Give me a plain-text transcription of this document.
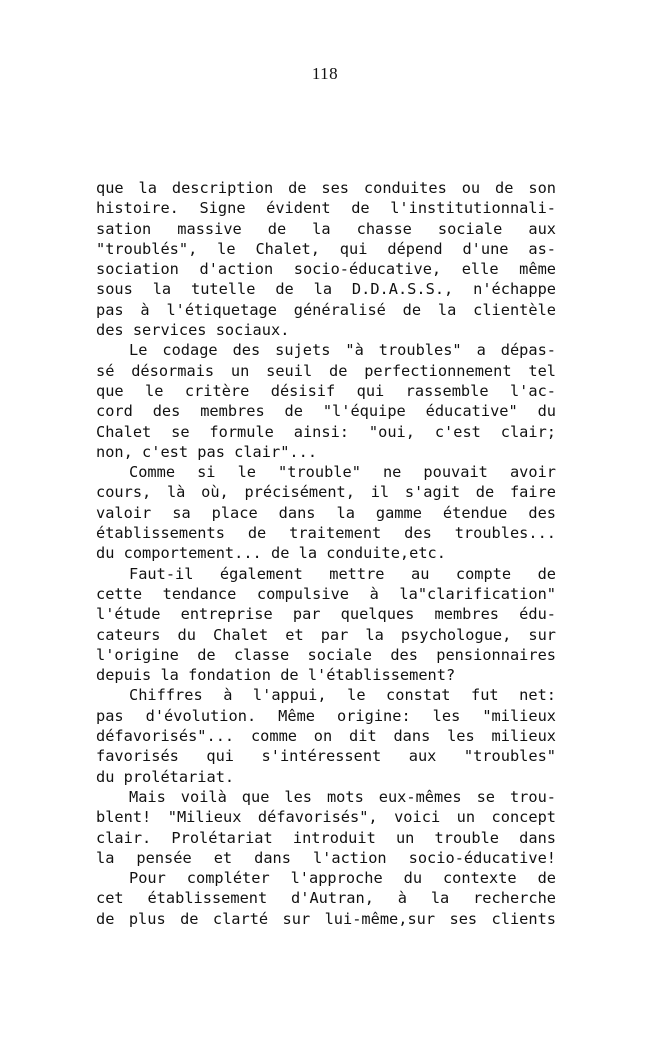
118
que la description de ses conduites ou de son
histoire. Signe évident de l'institutionnali-
sation massive de la chasse sociale aux
"troublés", le Chalet, qui dépend d'une as-
sociation d'action socio-éducative, elle même
sous la tutelle de la D.D.A.S.S., n'échappe
pas à l'étiquetage généralisé de la clientèle
des services sociaux.
Le codage des sujets "à troubles" a dépas-
sé désormais un seuil de perfectionnement tel
que le critère désisif qui rassemble l'ac-
cord des membres de "l'équipe éducative" du
Chalet se formule ainsi: "oui, c'est clair;
non, c'est pas clair"...
Comme si le "trouble" ne pouvait avoir
cours, là où, précisément, il s'agit de faire
valoir sa place dans la gamme étendue des
établissements de traitement des troubles...
du comportement... de la conduite,etc.
Faut-il également mettre au compte de
cette tendance compulsive à la"clarification"
l'étude entreprise par quelques membres édu-
cateurs du Chalet et par la psychologue, sur
l'origine de classe sociale des pensionnaires
depuis la fondation de l'établissement?
Chiffres à l'appui, le constat fut net:
pas d'évolution. Même origine: les "milieux
défavorisés"... comme on dit dans les milieux
favorisés qui s'intéressent aux "troubles"
du prolétariat.
Mais voilà que les mots eux-mêmes se trou-
blent! "Milieux défavorisés", voici un concept
clair. Prolétariat introduit un trouble dans
la pensée et dans l'action socio-éducative!
Pour compléter l'approche du contexte de
cet établissement d'Autran, à la recherche
de plus de clarté sur lui-même,sur ses clients
